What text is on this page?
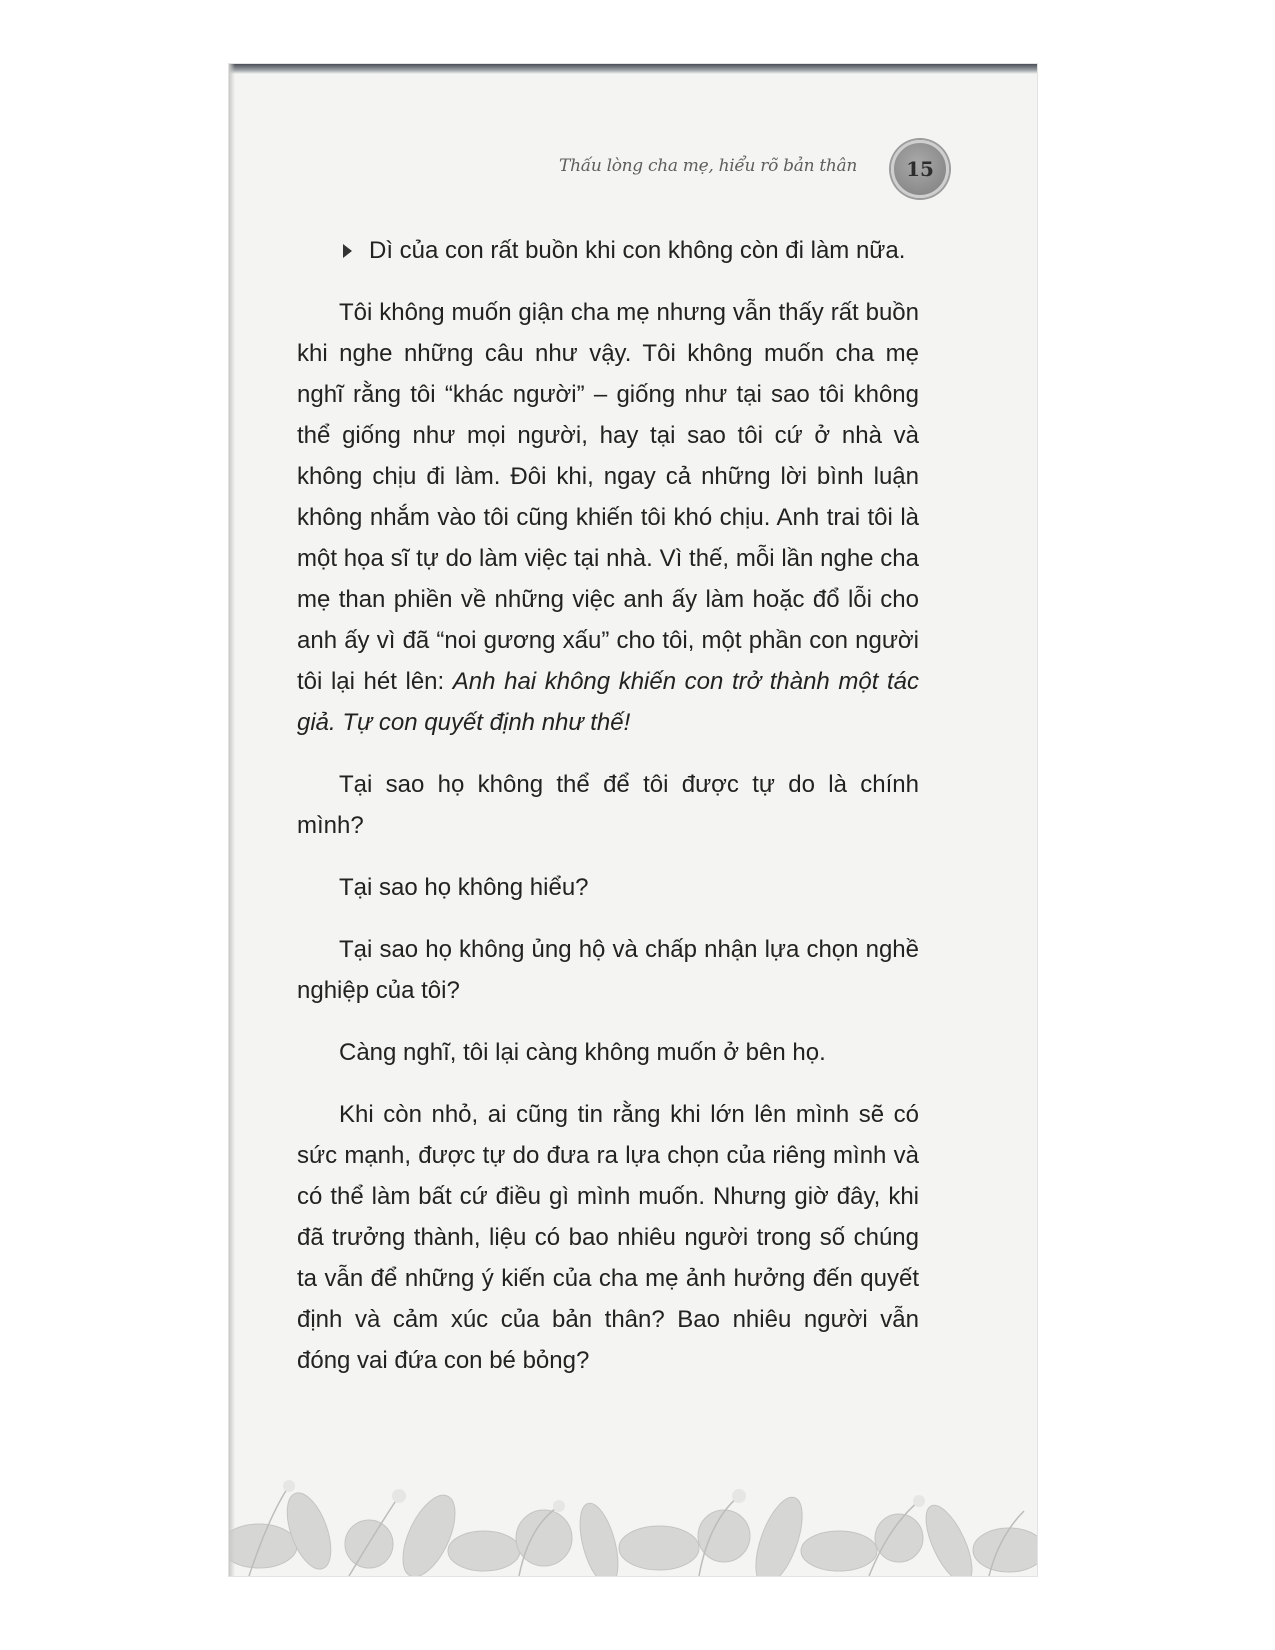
Thấu lòng cha mẹ, hiểu rõ bản thân 15
Dì của con rất buồn khi con không còn đi làm nữa.

Tôi không muốn giận cha mẹ nhưng vẫn thấy rất buồn khi nghe những câu như vậy. Tôi không muốn cha mẹ nghĩ rằng tôi “khác người” – giống như tại sao tôi không thể giống như mọi người, hay tại sao tôi cứ ở nhà và không chịu đi làm. Đôi khi, ngay cả những lời bình luận không nhắm vào tôi cũng khiến tôi khó chịu. Anh trai tôi là một họa sĩ tự do làm việc tại nhà. Vì thế, mỗi lần nghe cha mẹ than phiền về những việc anh ấy làm hoặc đổ lỗi cho anh ấy vì đã “noi gương xấu” cho tôi, một phần con người tôi lại hét lên: Anh hai không khiến con trở thành một tác giả. Tự con quyết định như thế!

Tại sao họ không thể để tôi được tự do là chính mình?

Tại sao họ không hiểu?

Tại sao họ không ủng hộ và chấp nhận lựa chọn nghề nghiệp của tôi?

Càng nghĩ, tôi lại càng không muốn ở bên họ.

Khi còn nhỏ, ai cũng tin rằng khi lớn lên mình sẽ có sức mạnh, được tự do đưa ra lựa chọn của riêng mình và có thể làm bất cứ điều gì mình muốn. Nhưng giờ đây, khi đã trưởng thành, liệu có bao nhiêu người trong số chúng ta vẫn để những ý kiến của cha mẹ ảnh hưởng đến quyết định và cảm xúc của bản thân? Bao nhiêu người vẫn đóng vai đứa con bé bỏng?
